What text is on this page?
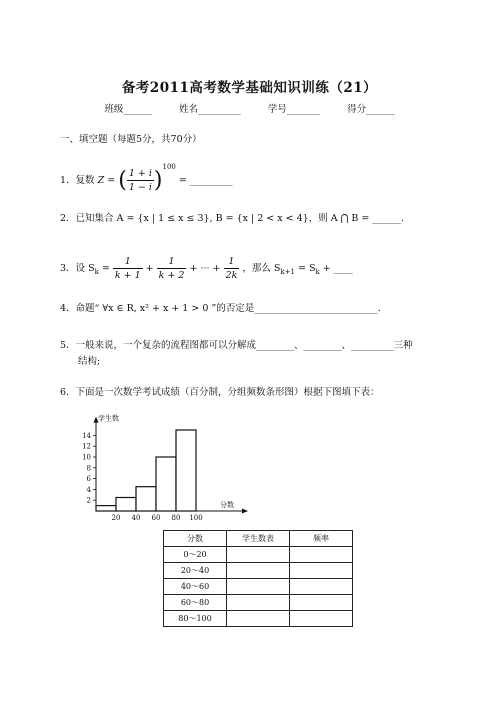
备考2011高考数学基础知识训练（21）
班级______	姓名_________	学号_______	得分______
一、填空题（每题5分，共70分）
1．复数 Z = ( $\frac{1 + i}{1 - i} )^{100}$ = _________
2．已知集合 A = {x | 1 ≤ x ≤ 3}, B = {x | 2 < x < 4}，则 A ⋂ B = ______.
3．设 $S_k = \frac{1}{k + 1} + \frac{1}{k + 2}$ + ··· + $\frac{1}{2k}$ ，那么 $S_{k+1} = S_k$ + ____
4．命题“ ∀x ∈ R, x² + x + 1 > 0 ”的否定是__________________________.
5．一般来说，一个复杂的流程图都可以分解成________、________、_________三种
结构;
6．下面是一次数学考试成绩（百分制，分组频数条形图）根据下图填下表：
2
4
6
8
10
12
14
20 40 60 80 100
学生数
分数
分数	学生数表	频率
0～20		
20～40		
40～60		
60～80		
80～100		
